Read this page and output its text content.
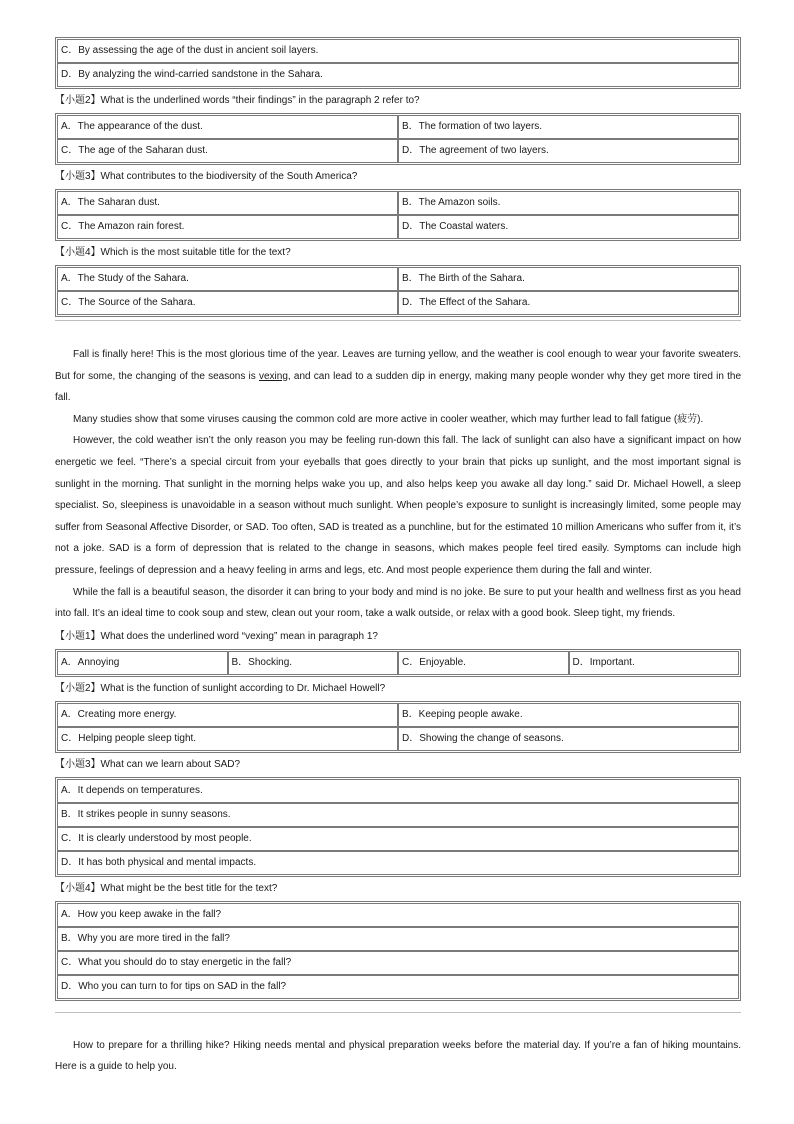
C．By assessing the age of the dust in ancient soil layers.
D．By analyzing the wind-carried sandstone in the Sahara.
【小题2】What is the underlined words “their findings” in the paragraph 2 refer to?
A．The appearance of the dust.	B．The formation of two layers.
C．The age of the Saharan dust.	D．The agreement of two layers.
【小题3】What contributes to the biodiversity of the South America?
A．The Saharan dust.	B．The Amazon soils.
C．The Amazon rain forest.	D．The Coastal waters.
【小题4】Which is the most suitable title for the text?
A．The Study of the Sahara.	B．The Birth of the Sahara.
C．The Source of the Sahara.	D．The Effect of the Sahara.

Fall is finally here! This is the most glorious time of the year. Leaves are turning yellow, and the weather is cool enough to wear your favorite sweaters. But for some, the changing of the seasons is vexing, and can lead to a sudden dip in energy, making many people wonder why they get more tired in the fall.

Many studies show that some viruses causing the common cold are more active in cooler weather, which may further lead to fall fatigue (疲劳).

However, the cold weather isn’t the only reason you may be feeling run-down this fall. The lack of sunlight can also have a significant impact on how energetic we feel. “There’s a special circuit from your eyeballs that goes directly to your brain that picks up sunlight, and the most important signal is sunlight in the morning. That sunlight in the morning helps wake you up, and also helps keep you awake all day long.” said Dr. Michael Howell, a sleep specialist. So, sleepiness is unavoidable in a season without much sunlight. When people’s exposure to sunlight is increasingly limited, some people may suffer from Seasonal Affective Disorder, or SAD. Too often, SAD is treated as a punchline, but for the estimated 10 million Americans who suffer from it, it’s not a joke. SAD is a form of depression that is related to the change in seasons, which makes people feel tired easily. Symptoms can include high pressure, feelings of depression and a heavy feeling in arms and legs, etc. And most people experience them during the fall and winter.

While the fall is a beautiful season, the disorder it can bring to your body and mind is no joke. Be sure to put your health and wellness first as you head into fall. It’s an ideal time to cook soup and stew, clean out your room, take a walk outside, or relax with a good book. Sleep tight, my friends.

【小题1】What does the underlined word “vexing” mean in paragraph 1?
A．Annoying	B．Shocking.	C．Enjoyable.	D．Important.
【小题2】What is the function of sunlight according to Dr. Michael Howell?
A．Creating more energy.	B．Keeping people awake.
C．Helping people sleep tight.	D．Showing the change of seasons.
【小题3】What can we learn about SAD?
A．It depends on temperatures.
B．It strikes people in sunny seasons.
C．It is clearly understood by most people.
D．It has both physical and mental impacts.
【小题4】What might be the best title for the text?
A．How you keep awake in the fall?
B．Why you are more tired in the fall?
C．What you should do to stay energetic in the fall?
D．Who you can turn to for tips on SAD in the fall?

How to prepare for a thrilling hike? Hiking needs mental and physical preparation weeks before the material day. If you’re a fan of hiking mountains. Here is a guide to help you.
